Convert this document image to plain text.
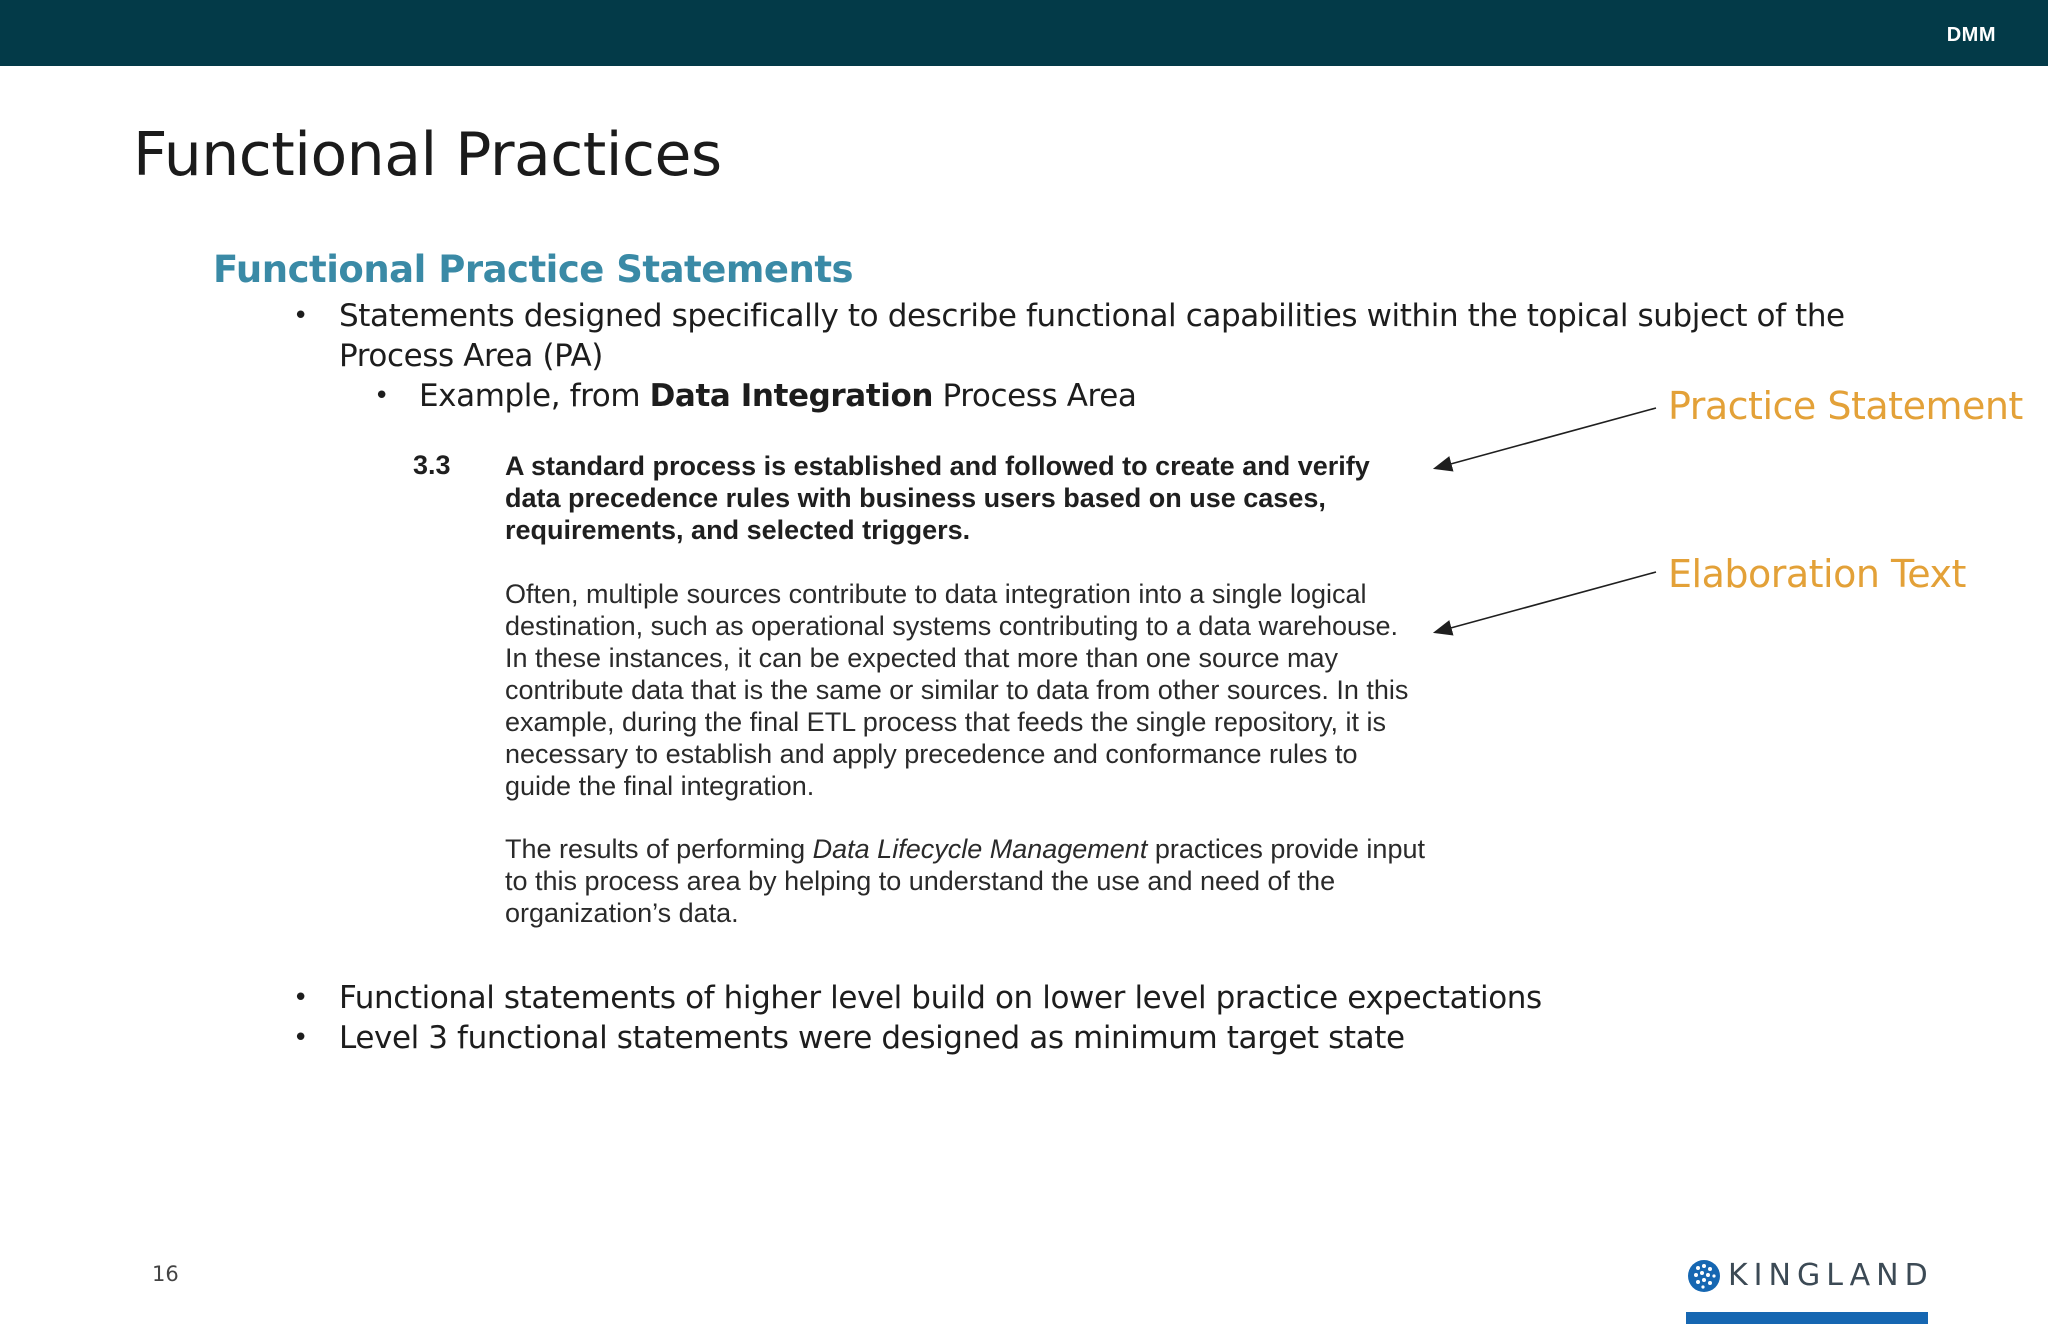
DMM
Functional Practices
Functional Practice Statements
• Statements designed specifically to describe functional capabilities within the topical subject of the Process Area (PA)
• Example, from Data Integration Process Area
3.3 A standard process is established and followed to create and verify data precedence rules with business users based on use cases, requirements, and selected triggers.
Often, multiple sources contribute to data integration into a single logical destination, such as operational systems contributing to a data warehouse. In these instances, it can be expected that more than one source may contribute data that is the same or similar to data from other sources. In this example, during the final ETL process that feeds the single repository, it is necessary to establish and apply precedence and conformance rules to guide the final integration.
The results of performing Data Lifecycle Management practices provide input to this process area by helping to understand the use and need of the organization’s data.
Practice Statement
Elaboration Text
• Functional statements of higher level build on lower level practice expectations
• Level 3 functional statements were designed as minimum target state
16	KINGLAND
